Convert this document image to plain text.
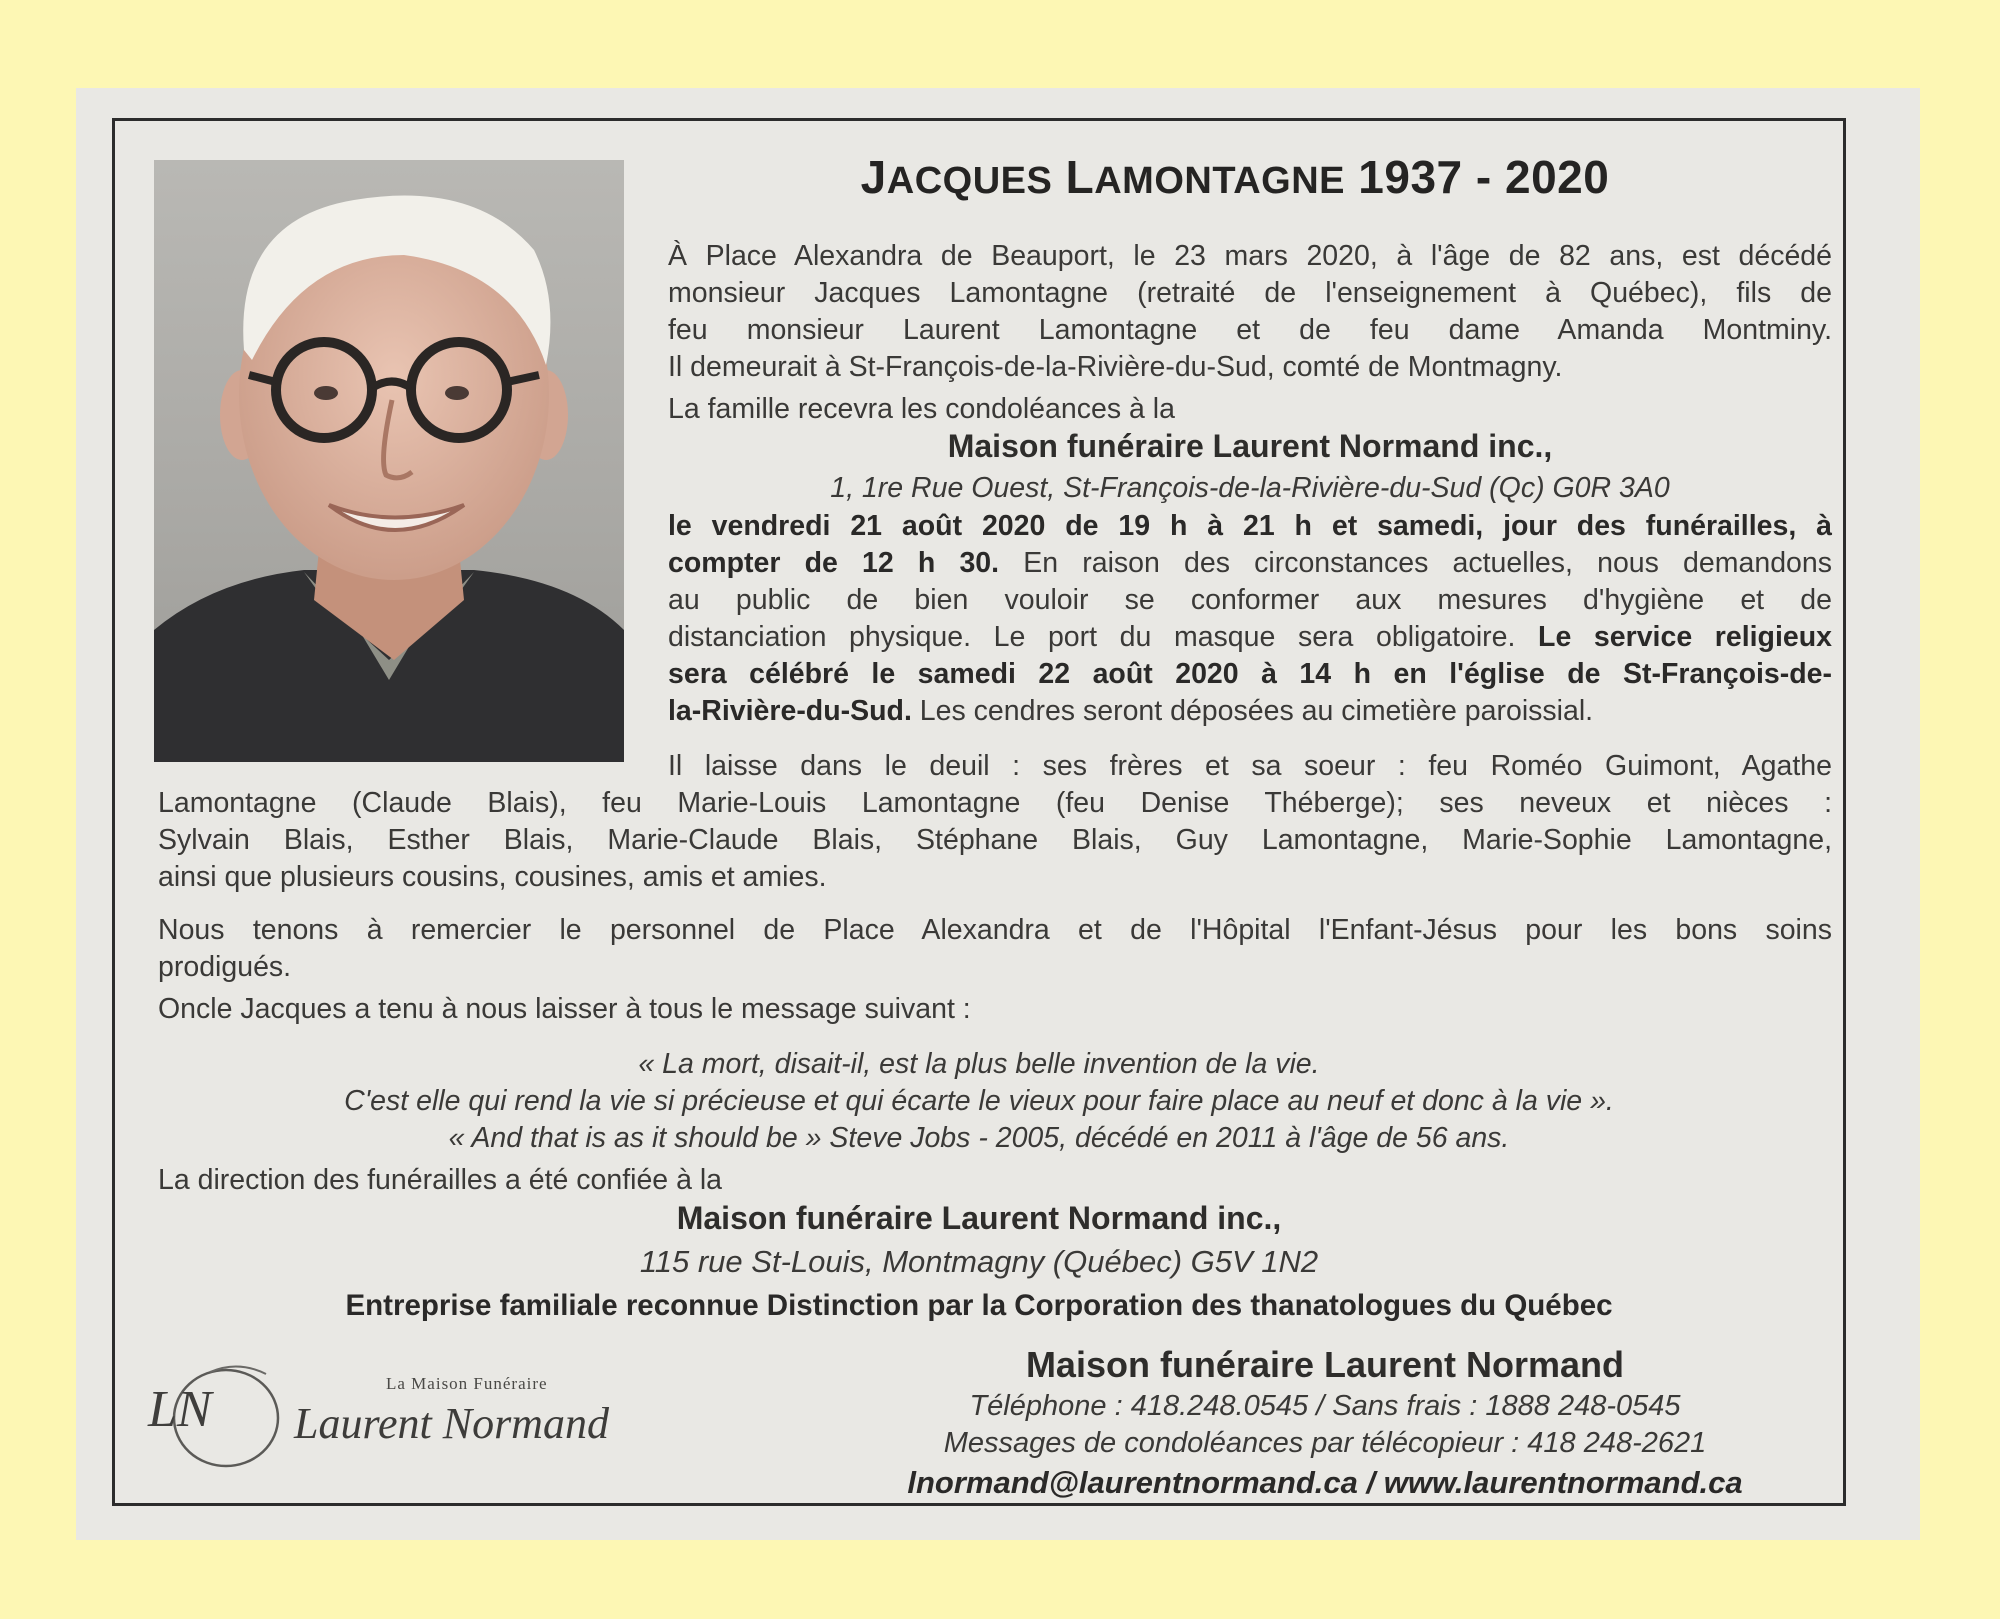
JACQUES LAMONTAGNE 1937 - 2020
À Place Alexandra de Beauport, le 23 mars 2020, à l'âge de 82 ans, est décédé
monsieur Jacques Lamontagne (retraité de l'enseignement à Québec), fils de
feu monsieur Laurent Lamontagne et de feu dame Amanda Montminy.
Il demeurait à St-François-de-la-Rivière-du-Sud, comté de Montmagny.
La famille recevra les condoléances à la
Maison funéraire Laurent Normand inc.,
1, 1re Rue Ouest, St-François-de-la-Rivière-du-Sud (Qc) G0R 3A0
le vendredi 21 août 2020 de 19 h à 21 h et samedi, jour des funérailles, à
compter de 12 h 30. En raison des circonstances actuelles, nous demandons
au public de bien vouloir se conformer aux mesures d'hygiène et de
distanciation physique. Le port du masque sera obligatoire. Le service religieux
sera célébré le samedi 22 août 2020 à 14 h en l'église de St-François-de-
la-Rivière-du-Sud. Les cendres seront déposées au cimetière paroissial.
Il laisse dans le deuil : ses frères et sa soeur : feu Roméo Guimont, Agathe
Lamontagne (Claude Blais), feu Marie-Louis Lamontagne (feu Denise Théberge); ses neveux et nièces :
Sylvain Blais, Esther Blais, Marie-Claude Blais, Stéphane Blais, Guy Lamontagne, Marie-Sophie Lamontagne,
ainsi que plusieurs cousins, cousines, amis et amies.
Nous tenons à remercier le personnel de Place Alexandra et de l'Hôpital l'Enfant-Jésus pour les bons soins
prodigués.
Oncle Jacques a tenu à nous laisser à tous le message suivant :
« La mort, disait-il, est la plus belle invention de la vie.
C'est elle qui rend la vie si précieuse et qui écarte le vieux pour faire place au neuf et donc à la vie ».
« And that is as it should be » Steve Jobs - 2005, décédé en 2011 à l'âge de 56 ans.
La direction des funérailles a été confiée à la
Maison funéraire Laurent Normand inc.,
115 rue St-Louis, Montmagny (Québec) G5V 1N2
Entreprise familiale reconnue Distinction par la Corporation des thanatologues du Québec
LN	La Maison Funéraire
Laurent Normand
Maison funéraire Laurent Normand
Téléphone : 418.248.0545 / Sans frais : 1888 248-0545
Messages de condoléances par télécopieur : 418 248-2621
lnormand@laurentnormand.ca / www.laurentnormand.ca
